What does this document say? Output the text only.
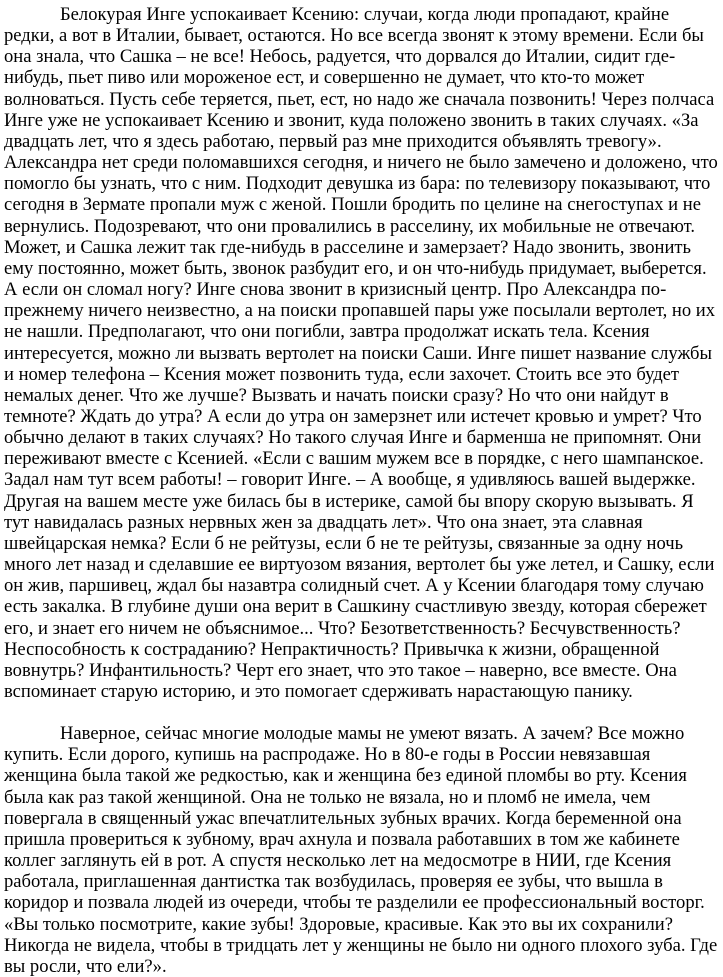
Белокурая Инге успокаивает Ксению: случаи, когда люди пропадают, крайне редки, а вот в Италии, бывает, остаются. Но все всегда звонят к этому времени. Если бы она знала, что Сашка – не все! Небось, радуется, что дорвался до Италии, сидит где-нибудь, пьет пиво или мороженое ест, и совершенно не думает, что кто-то может волноваться. Пусть себе теряется, пьет, ест, но надо же сначала позвонить! Через полчаса Инге уже не успокаивает Ксению и звонит, куда положено звонить в таких случаях. «За двадцать лет, что я здесь работаю, первый раз мне приходится объявлять тревогу». Александра нет среди поломавшихся сегодня, и ничего не было замечено и доложено, что помогло бы узнать, что с ним. Подходит девушка из бара: по телевизору показывают, что сегодня в Зермате пропали муж с женой. Пошли бродить по целине на снегоступах и не вернулись. Подозревают, что они провалились в расселину, их мобильные не отвечают. Может, и Сашка лежит так где-нибудь в расселине и замерзает? Надо звонить, звонить ему постоянно, может быть, звонок разбудит его, и он что-нибудь придумает, выберется. А если он сломал ногу? Инге снова звонит в кризисный центр. Про Александра по-прежнему ничего неизвестно, а на поиски пропавшей пары уже посылали вертолет, но их не нашли. Предполагают, что они погибли, завтра продолжат искать тела. Ксения интересуется, можно ли вызвать вертолет на поиски Саши. Инге пишет название службы и номер телефона – Ксения может позвонить туда, если захочет. Стоить все это будет немалых денег. Что же лучше? Вызвать и начать поиски сразу? Но что они найдут в темноте? Ждать до утра? А если до утра он замерзнет или истечет кровью и умрет? Что обычно делают в таких случаях? Но такого случая Инге и барменша не припомнят. Они переживают вместе с Ксенией. «Если с вашим мужем все в порядке, с него шампанское. Задал нам тут всем работы! – говорит Инге. – А вообще, я удивляюсь вашей выдержке. Другая на вашем месте уже билась бы в истерике, самой бы впору скорую вызывать. Я тут навидалась разных нервных жен за двадцать лет». Что она знает, эта славная швейцарская немка? Если б не рейтузы, если б не те рейтузы, связанные за одну ночь много лет назад и сделавшие ее виртуозом вязания, вертолет бы уже летел, и Сашку, если он жив, паршивец, ждал бы назавтра солидный счет. А у Ксении благодаря тому случаю есть закалка. В глубине души она верит в Сашкину счастливую звезду, которая сбережет его, и знает его ничем не объяснимое... Что? Безответственность? Бесчувственность? Неспособность к состраданию? Непрактичность? Привычка к жизни, обращенной вовнутрь? Инфантильность? Черт его знает, что это такое – наверно, все вместе. Она вспоминает старую историю, и это помогает сдерживать нарастающую панику.

Наверное, сейчас многие молодые мамы не умеют вязать. А зачем? Все можно купить. Если дорого, купишь на распродаже. Но в 80-е годы в России невязавшая женщина была такой же редкостью, как и женщина без единой пломбы во рту. Ксения была как раз такой женщиной. Она не только не вязала, но и пломб не имела, чем повергала в священный ужас впечатлительных зубных врачих. Когда беременной она пришла провериться к зубному, врач ахнула и позвала работавших в том же кабинете коллег заглянуть ей в рот. А спустя несколько лет на медосмотре в НИИ, где Ксения работала, приглашенная дантистка так возбудилась, проверяя ее зубы, что вышла в коридор и позвала людей из очереди, чтобы те разделили ее профессиональный восторг. «Вы только посмотрите, какие зубы! Здоровые, красивые. Как это вы их сохранили? Никогда не видела, чтобы в тридцать лет у женщины не было ни одного плохого зуба. Где вы росли, что ели?».
